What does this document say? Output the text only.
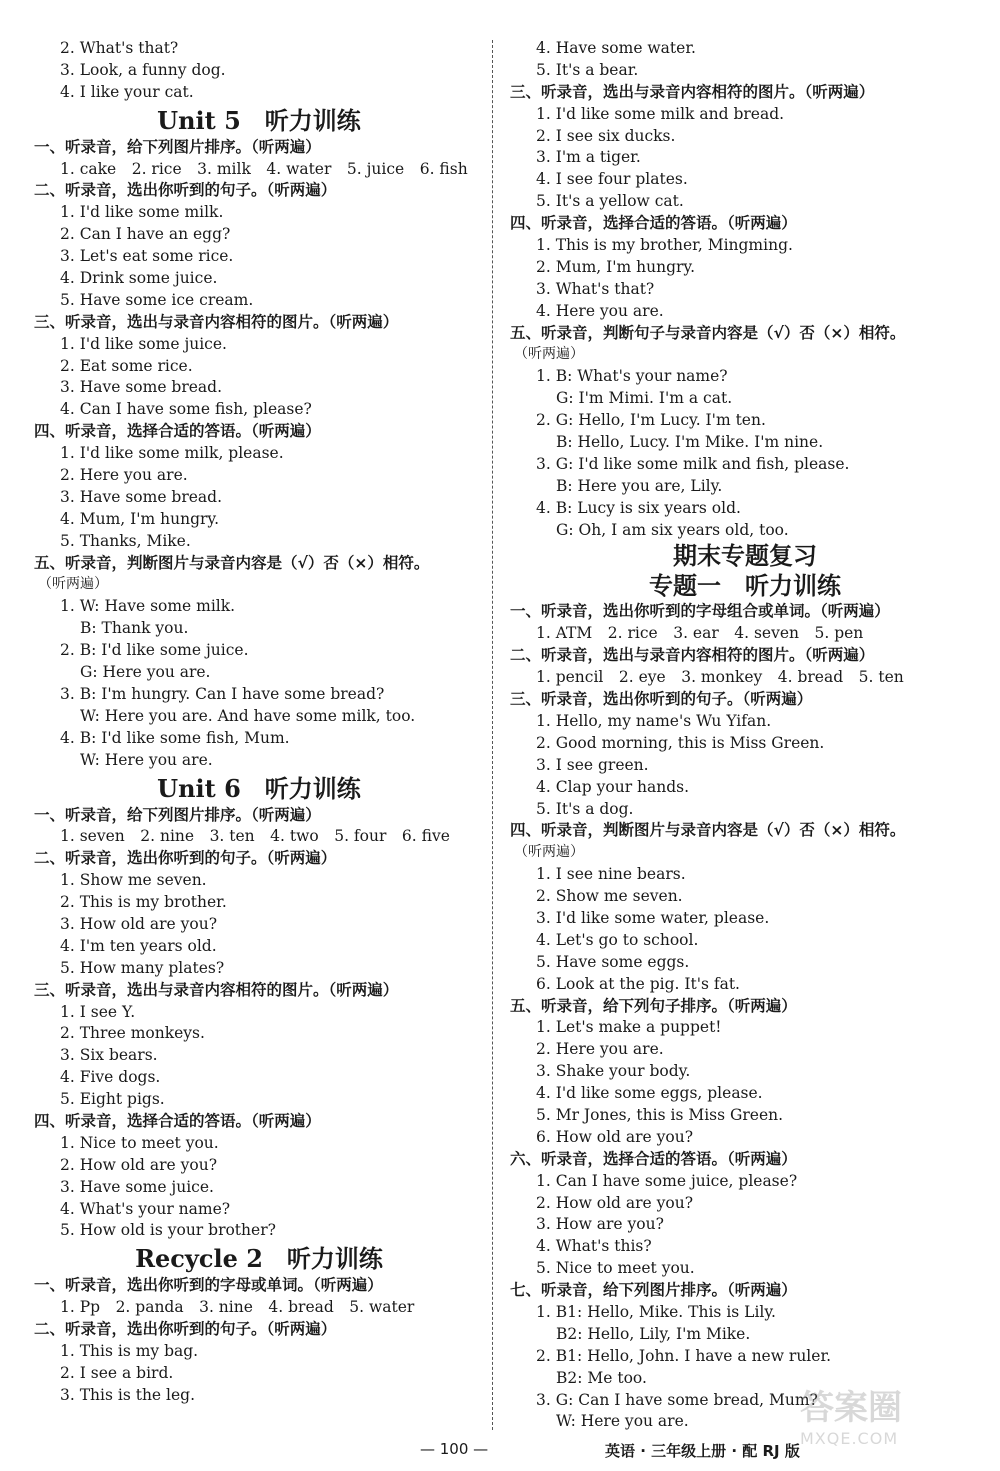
2. What's that?
3. Look, a funny dog.
4. I like your cat.
Unit 5　听力训练
一、听录音，给下列图片排序。（听两遍）
1. cake　2. rice　3. milk　4. water　5. juice　6. fish
二、听录音，选出你听到的句子。（听两遍）
1. I'd like some milk.
2. Can I have an egg?
3. Let's eat some rice.
4. Drink some juice.
5. Have some ice cream.
三、听录音，选出与录音内容相符的图片。（听两遍）
1. I'd like some juice.
2. Eat some rice.
3. Have some bread.
4. Can I have some fish, please?
四、听录音，选择合适的答语。（听两遍）
1. I'd like some milk, please.
2. Here you are.
3. Have some bread.
4. Mum, I'm hungry.
5. Thanks, Mike.
五、听录音，判断图片与录音内容是（√）否（×）相符。
（听两遍）
1. W: Have some milk.
B: Thank you.
2. B: I'd like some juice.
G: Here you are.
3. B: I'm hungry. Can I have some bread?
W: Here you are. And have some milk, too.
4. B: I'd like some fish, Mum.
W: Here you are.
Unit 6　听力训练
一、听录音，给下列图片排序。（听两遍）
1. seven　2. nine　3. ten　4. two　5. four　6. five
二、听录音，选出你听到的句子。（听两遍）
1. Show me seven.
2. This is my brother.
3. How old are you?
4. I'm ten years old.
5. How many plates?
三、听录音，选出与录音内容相符的图片。（听两遍）
1. I see Y.
2. Three monkeys.
3. Six bears.
4. Five dogs.
5. Eight pigs.
四、听录音，选择合适的答语。（听两遍）
1. Nice to meet you.
2. How old are you?
3. Have some juice.
4. What's your name?
5. How old is your brother?
Recycle 2　听力训练
一、听录音，选出你听到的字母或单词。（听两遍）
1. Pp　2. panda　3. nine　4. bread　5. water
二、听录音，选出你听到的句子。（听两遍）
1. This is my bag.
2. I see a bird.
3. This is the leg.
4. Have some water.
5. It's a bear.
三、听录音，选出与录音内容相符的图片。（听两遍）
1. I'd like some milk and bread.
2. I see six ducks.
3. I'm a tiger.
4. I see four plates.
5. It's a yellow cat.
四、听录音，选择合适的答语。（听两遍）
1. This is my brother, Mingming.
2. Mum, I'm hungry.
3. What's that?
4. Here you are.
五、听录音，判断句子与录音内容是（√）否（×）相符。
（听两遍）
1. B: What's your name?
G: I'm Mimi. I'm a cat.
2. G: Hello, I'm Lucy. I'm ten.
B: Hello, Lucy. I'm Mike. I'm nine.
3. G: I'd like some milk and fish, please.
B: Here you are, Lily.
4. B: Lucy is six years old.
G: Oh, I am six years old, too.
期末专题复习
专题一　听力训练
一、听录音，选出你听到的字母组合或单词。（听两遍）
1. ATM　2. rice　3. ear　4. seven　5. pen
二、听录音，选出与录音内容相符的图片。（听两遍）
1. pencil　2. eye　3. monkey　4. bread　5. ten
三、听录音，选出你听到的句子。（听两遍）
1. Hello, my name's Wu Yifan.
2. Good morning, this is Miss Green.
3. I see green.
4. Clap your hands.
5. It's a dog.
四、听录音，判断图片与录音内容是（√）否（×）相符。
（听两遍）
1. I see nine bears.
2. Show me seven.
3. I'd like some water, please.
4. Let's go to school.
5. Have some eggs.
6. Look at the pig. It's fat.
五、听录音，给下列句子排序。（听两遍）
1. Let's make a puppet!
2. Here you are.
3. Shake your body.
4. I'd like some eggs, please.
5. Mr Jones, this is Miss Green.
6. How old are you?
六、听录音，选择合适的答语。（听两遍）
1. Can I have some juice, please?
2. How old are you?
3. How are you?
4. What's this?
5. Nice to meet you.
七、听录音，给下列图片排序。（听两遍）
1. B1: Hello, Mike. This is Lily.
B2: Hello, Lily, I'm Mike.
2. B1: Hello, John. I have a new ruler.
B2: Me too.
3. G: Can I have some bread, Mum?
W: Here you are.
— 100 —	英语 · 三年级上册 · 配 RJ 版
答案圈
MXQE.COM
